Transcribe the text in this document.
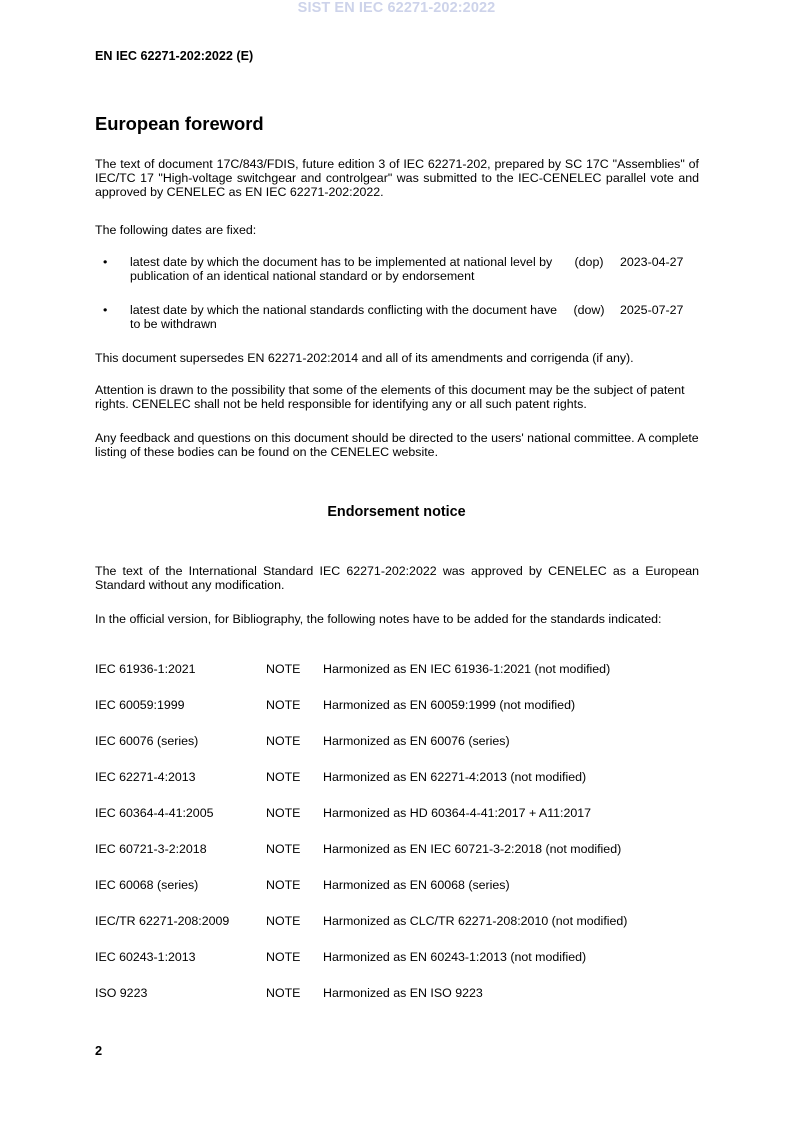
SIST EN IEC 62271-202:2022
EN IEC 62271-202:2022 (E)
European foreword
The text of document 17C/843/FDIS, future edition 3 of IEC 62271-202, prepared by SC 17C "Assemblies" of IEC/TC 17 "High-voltage switchgear and controlgear" was submitted to the IEC-CENELEC parallel vote and approved by CENELEC as EN IEC 62271-202:2022.
The following dates are fixed:
• latest date by which the document has to be implemented at national level by publication of an identical national standard or by endorsement
(dop) 2023-04-27
• latest date by which the national standards conflicting with the document have to be withdrawn
(dow) 2025-07-27
This document supersedes EN 62271-202:2014 and all of its amendments and corrigenda (if any).
Attention is drawn to the possibility that some of the elements of this document may be the subject of patent rights. CENELEC shall not be held responsible for identifying any or all such patent rights.
Any feedback and questions on this document should be directed to the users' national committee. A complete listing of these bodies can be found on the CENELEC website.
Endorsement notice
The text of the International Standard IEC 62271-202:2022 was approved by CENELEC as a European Standard without any modification.
In the official version, for Bibliography, the following notes have to be added for the standards indicated:
IEC 61936-1:2021	NOTE Harmonized as EN IEC 61936-1:2021 (not modified)
IEC 60059:1999	NOTE Harmonized as EN 60059:1999 (not modified)
IEC 60076 (series)	NOTE Harmonized as EN 60076 (series)
IEC 62271-4:2013	NOTE Harmonized as EN 62271-4:2013 (not modified)
IEC 60364-4-41:2005	NOTE Harmonized as HD 60364-4-41:2017 + A11:2017
IEC 60721-3-2:2018	NOTE Harmonized as EN IEC 60721-3-2:2018 (not modified)
IEC 60068 (series)	NOTE Harmonized as EN 60068 (series)
IEC/TR 62271-208:2009	NOTE Harmonized as CLC/TR 62271-208:2010 (not modified)
IEC 60243-1:2013	NOTE Harmonized as EN 60243-1:2013 (not modified)
ISO 9223	NOTE Harmonized as EN ISO 9223
2
